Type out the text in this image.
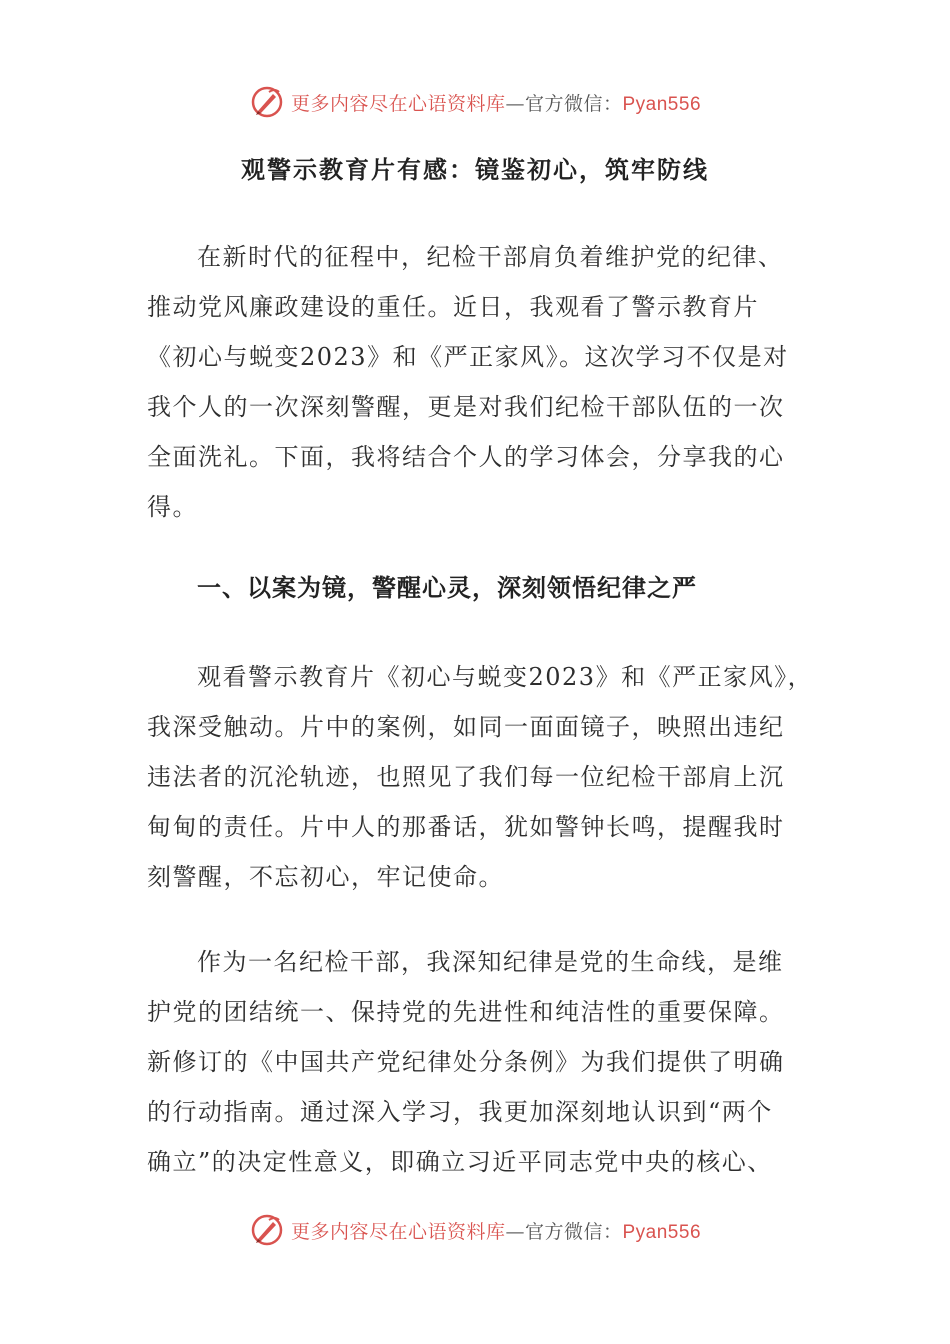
更多内容尽在心语资料库—官方微信：Pyan556
观警示教育片有感：镜鉴初心，筑牢防线
在新时代的征程中，纪检干部肩负着维护党的纪律、
推动党风廉政建设的重任。近日，我观看了警示教育片
《初心与蜕变2023》和《严正家风》。这次学习不仅是对
我个人的一次深刻警醒，更是对我们纪检干部队伍的一次
全面洗礼。下面，我将结合个人的学习体会，分享我的心
得。
一、以案为镜，警醒心灵，深刻领悟纪律之严
观看警示教育片《初心与蜕变2023》和《严正家风》，
我深受触动。片中的案例，如同一面面镜子，映照出违纪
违法者的沉沦轨迹，也照见了我们每一位纪检干部肩上沉
甸甸的责任。片中人的那番话，犹如警钟长鸣，提醒我时
刻警醒，不忘初心，牢记使命。
作为一名纪检干部，我深知纪律是党的生命线，是维
护党的团结统一、保持党的先进性和纯洁性的重要保障。
新修订的《中国共产党纪律处分条例》为我们提供了明确
的行动指南。通过深入学习，我更加深刻地认识到“两个
确立”的决定性意义，即确立习近平同志党中央的核心、
更多内容尽在心语资料库—官方微信：Pyan556
